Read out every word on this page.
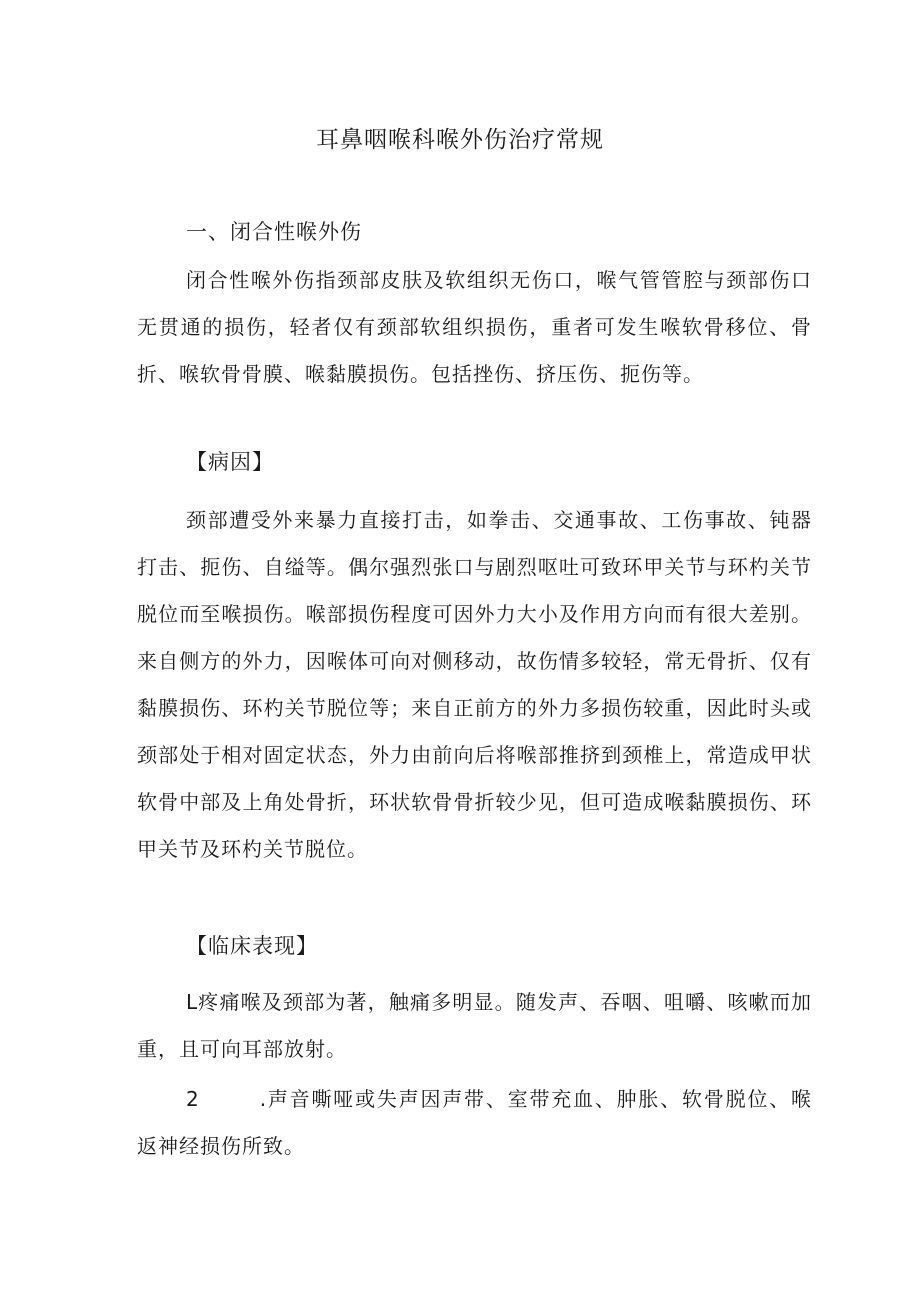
耳鼻咽喉科喉外伤治疗常规

一、闭合性喉外伤

闭合性喉外伤指颈部皮肤及软组织无伤口，喉气管管腔与颈部伤口无贯通的损伤，轻者仅有颈部软组织损伤，重者可发生喉软骨移位、骨折、喉软骨骨膜、喉黏膜损伤。包括挫伤、挤压伤、扼伤等。

【病因】

颈部遭受外来暴力直接打击，如拳击、交通事故、工伤事故、钝器打击、扼伤、自缢等。偶尔强烈张口与剧烈呕吐可致环甲关节与环杓关节脱位而至喉损伤。喉部损伤程度可因外力大小及作用方向而有很大差别。来自侧方的外力，因喉体可向对侧移动，故伤情多较轻，常无骨折、仅有黏膜损伤、环杓关节脱位等；来自正前方的外力多损伤较重，因此时头或颈部处于相对固定状态，外力由前向后将喉部推挤到颈椎上，常造成甲状软骨中部及上角处骨折，环状软骨骨折较少见，但可造成喉黏膜损伤、环甲关节及环杓关节脱位。

【临床表现】

L疼痛喉及颈部为著，触痛多明显。随发声、吞咽、咀嚼、咳嗽而加重，且可向耳部放射。

2	.声音嘶哑或失声因声带、室带充血、肿胀、软骨脱位、喉返神经损伤所致。
